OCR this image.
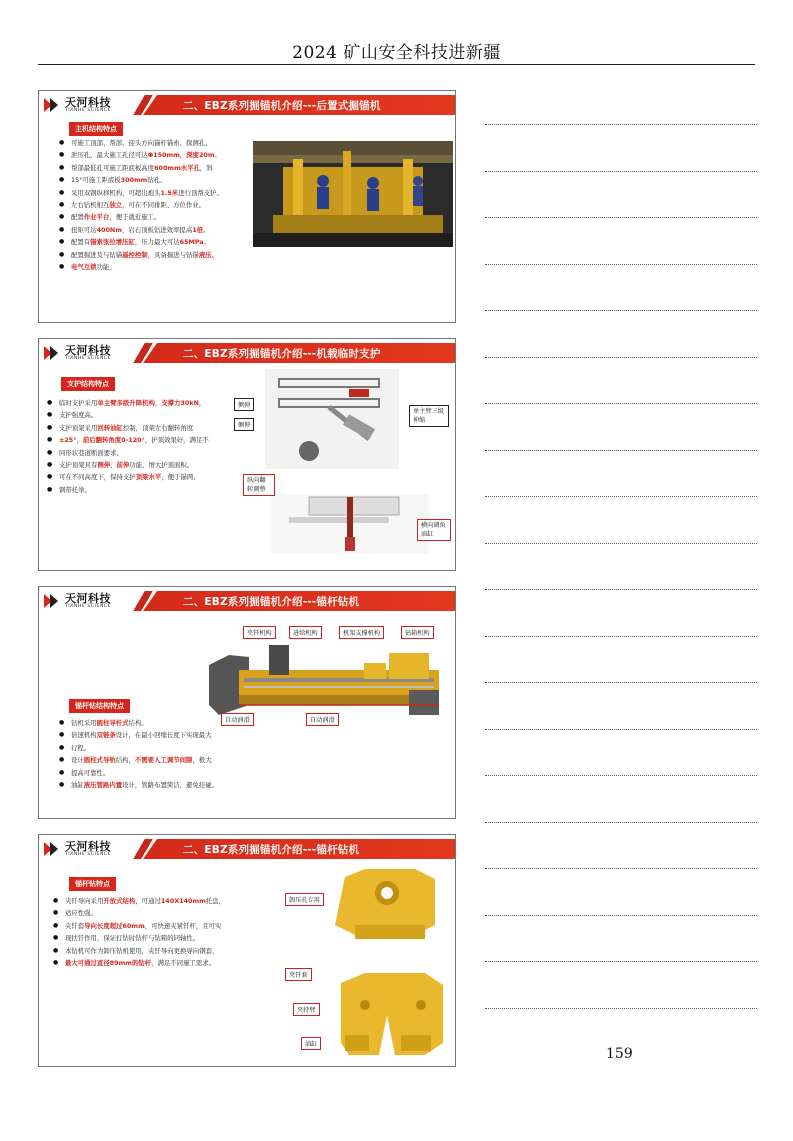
2024 矿山安全科技进新疆
天河科技
TIANHE SCIENCE	二、EBZ系列掘锚机介绍---后置式掘锚机
主机结构特点
● 可施工顶部、帮部、迎头方向锚杆锚索、探测孔、
● 泄压孔，最大施工孔径可达Φ150mm，深度20m。
● 帮部最低孔可施工距底板高度600mm水平孔，斜
● 15°可施工距底板300mm钻孔。
● 采用双钢纵移机构，可超出炮头1.5米进行顶帮支护。
● 左右钻机相互独立，可在不同排距、方位作业。
● 配置作业平台，便于就近施工。
● 扭矩可达400Nm，岩石顶板钻进效率提高1倍。
● 配置有锚索张拉增压缸，压力最大可达65MPa。
● 配置掘进及与钻锚遥控控制，具备掘进与钻锚液压、
● 电气互锁功能。
天河科技
TIANHE SCIENCE	二、EBZ系列掘锚机介绍---机载临时支护
支护结构特点
● 临时支护采用单主臂多级升降机构，支撑力30kN，
● 支护强度高。
● 支护顶架采用回转油缸控制，顶架左右翻转角度
● ±25°，前后翻转角度0-120°，护顶效果好，满足不
● 同形状巷道断面要求。
● 支护顶架具有侧伸、前伸功能，增大护顶面积。
● 可在不同高度下，保持支护顶梁水平，便于锚网、
● 钢带托举。
侧伸
侧伸
单主臂三级伸缩
纵向翻转调整
横向调角油缸
天河科技
TIANHE SCIENCE	二、EBZ系列掘锚机介绍---锚杆钻机
夹钎机构	进给机构	机架支撑机构	钻箱机构
自动润滑	自动润滑
锚杆钻结构特点
● 钻机采用圆柱导杆式结构。
● 倍速机构双链条设计，在最小回缩长度下实现最大
● 行程。
● 设计圆柱式导轨结构，不需要人工调节间隙，极大
● 提高可靠性。
● 油缸液压管路内置设计，管路布置简洁，避免挂碰。
天河科技
TIANHE SCIENCE	二、EBZ系列掘锚机介绍---锚杆钻机
锚杆钻特点
● 夹钎导向采用开放式结构，可通过140X140mm托盘，
● 适应性强。
● 夹钎套导向长度超过60mm，可快速夹紧钎杆，且可实
● 现扶钎作用，保证打钻时钻杆与钻箱的同轴性。
● 本钻机可作为卸压钻机使用，夹钎导向更换导向钢套，
● 最大可通过直径89mm的钻杆，满足不同施工需求。
卸压孔专用
夹钎套
夹持臂
油缸
159
